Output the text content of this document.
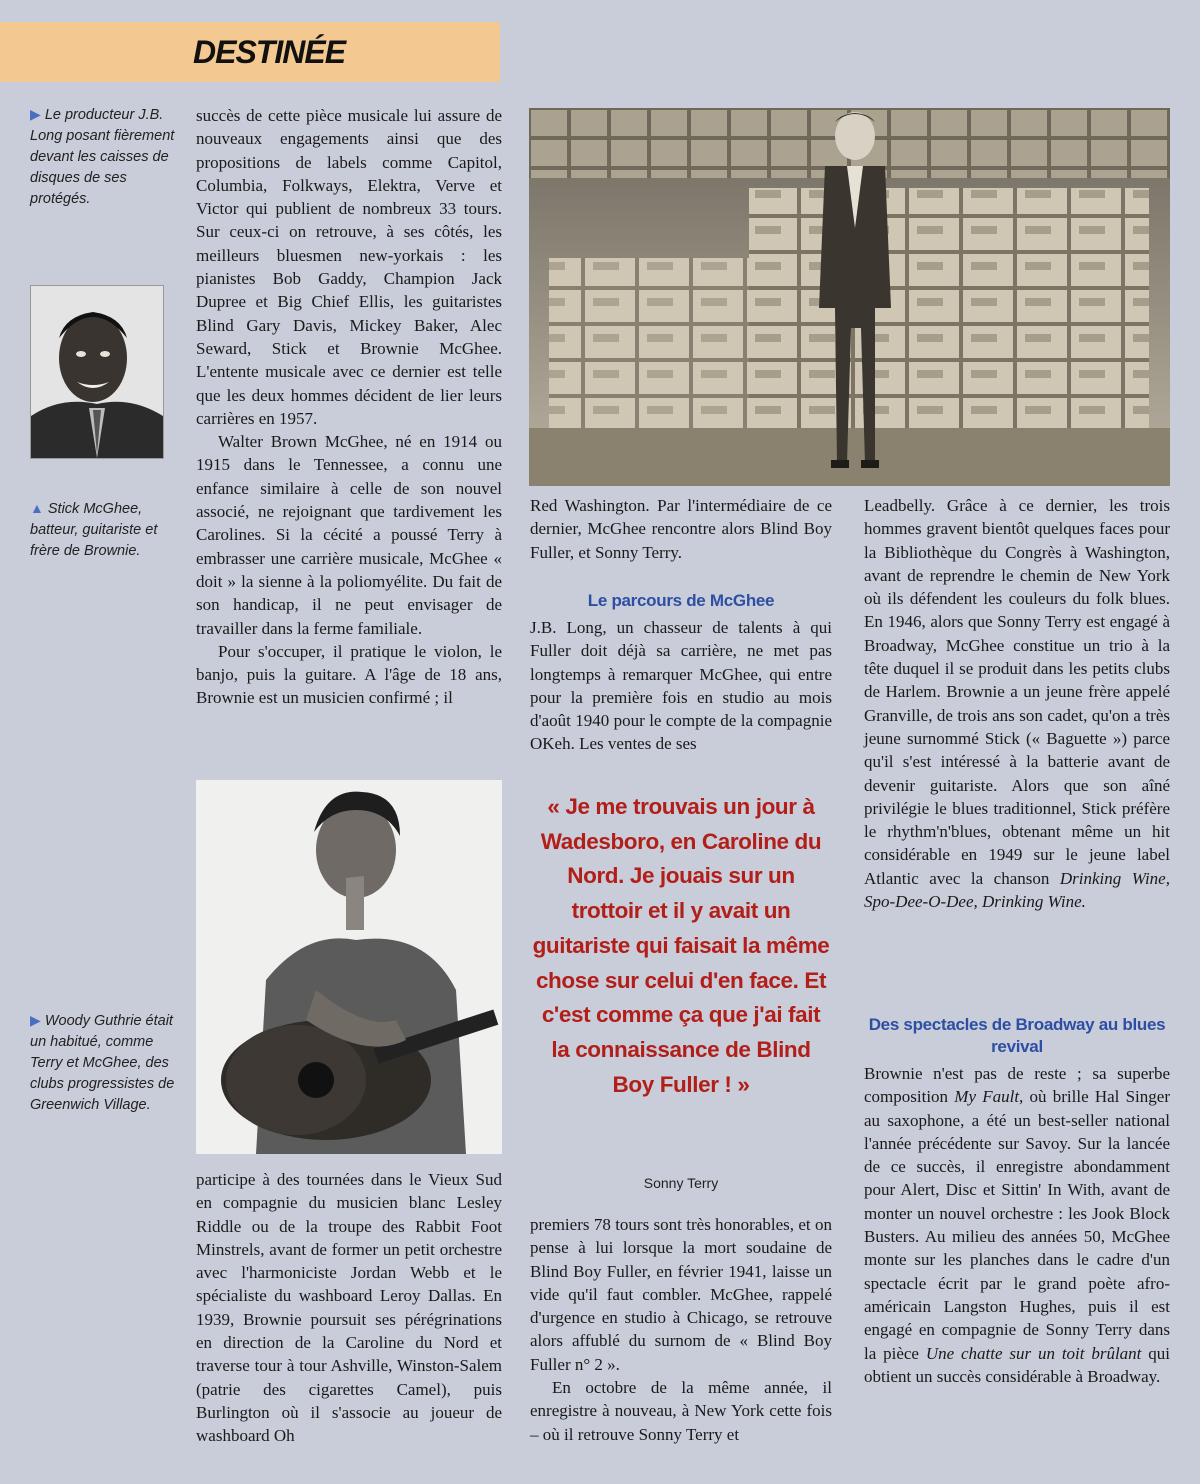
DESTINÉE
▶ Le producteur J.B. Long posant fièrement devant les caisses de disques de ses protégés.
▲ Stick McGhee, batteur, guitariste et frère de Brownie.
▶ Woody Guthrie était un habitué, comme Terry et McGhee, des clubs progressistes de Greenwich Village.

succès de cette pièce musicale lui assure de nouveaux engagements ainsi que des propositions de labels comme Capitol, Columbia, Folkways, Elektra, Verve et Victor qui publient de nombreux 33 tours. Sur ceux-ci on retrouve, à ses côtés, les meilleurs bluesmen new-yorkais : les pianistes Bob Gaddy, Champion Jack Dupree et Big Chief Ellis, les guitaristes Blind Gary Davis, Mickey Baker, Alec Seward, Stick et Brownie McGhee. L'entente musicale avec ce dernier est telle que les deux hommes décident de lier leurs carrières en 1957.

Walter Brown McGhee, né en 1914 ou 1915 dans le Tennessee, a connu une enfance similaire à celle de son nouvel associé, ne rejoignant que tardivement les Carolines. Si la cécité a poussé Terry à embrasser une carrière musicale, McGhee « doit » la sienne à la poliomyélite. Du fait de son handicap, il ne peut envisager de travailler dans la ferme familiale.

Pour s'occuper, il pratique le violon, le banjo, puis la guitare. A l'âge de 18 ans, Brownie est un musicien confirmé ; il

participe à des tournées dans le Vieux Sud en compagnie du musicien blanc Lesley Riddle ou de la troupe des Rabbit Foot Minstrels, avant de former un petit orchestre avec l'harmoniciste Jordan Webb et le spécialiste du washboard Leroy Dallas. En 1939, Brownie poursuit ses pérégrinations en direction de la Caroline du Nord et traverse tour à tour Ashville, Winston-Salem (patrie des cigarettes Camel), puis Burlington où il s'associe au joueur de washboard Oh

Red Washington. Par l'intermédiaire de ce dernier, McGhee rencontre alors Blind Boy Fuller, et Sonny Terry.

Le parcours de McGhee

J.B. Long, un chasseur de talents à qui Fuller doit déjà sa carrière, ne met pas longtemps à remarquer McGhee, qui entre pour la première fois en studio au mois d'août 1940 pour le compte de la compagnie OKeh. Les ventes de ses

« Je me trouvais un jour à Wadesboro, en Caroline du Nord. Je jouais sur un trottoir et il y avait un guitariste qui faisait la même chose sur celui d'en face. Et c'est comme ça que j'ai fait la connaissance de Blind Boy Fuller ! »
Sonny Terry

premiers 78 tours sont très honorables, et on pense à lui lorsque la mort soudaine de Blind Boy Fuller, en février 1941, laisse un vide qu'il faut combler. McGhee, rappelé d'urgence en studio à Chicago, se retrouve alors affublé du surnom de « Blind Boy Fuller n° 2 ».

En octobre de la même année, il enregistre à nouveau, à New York cette fois – où il retrouve Sonny Terry et

Leadbelly. Grâce à ce dernier, les trois hommes gravent bientôt quelques faces pour la Bibliothèque du Congrès à Washington, avant de reprendre le chemin de New York où ils défendent les couleurs du folk blues. En 1946, alors que Sonny Terry est engagé à Broadway, McGhee constitue un trio à la tête duquel il se produit dans les petits clubs de Harlem. Brownie a un jeune frère appelé Granville, de trois ans son cadet, qu'on a très jeune surnommé Stick (« Baguette ») parce qu'il s'est intéressé à la batterie avant de devenir guitariste. Alors que son aîné privilégie le blues traditionnel, Stick préfère le rhythm'n'blues, obtenant même un hit considérable en 1949 sur le jeune label Atlantic avec la chanson Drinking Wine, Spo-Dee-O-Dee, Drinking Wine.

Des spectacles de Broadway au blues revival

Brownie n'est pas de reste ; sa superbe composition My Fault, où brille Hal Singer au saxophone, a été un best-seller national l'année précédente sur Savoy. Sur la lancée de ce succès, il enregistre abondamment pour Alert, Disc et Sittin' In With, avant de monter un nouvel orchestre : les Jook Block Busters. Au milieu des années 50, McGhee monte sur les planches dans le cadre d'un spectacle écrit par le grand poète afro-américain Langston Hughes, puis il est engagé en compagnie de Sonny Terry dans la pièce Une chatte sur un toit brûlant qui obtient un succès considérable à Broadway.
